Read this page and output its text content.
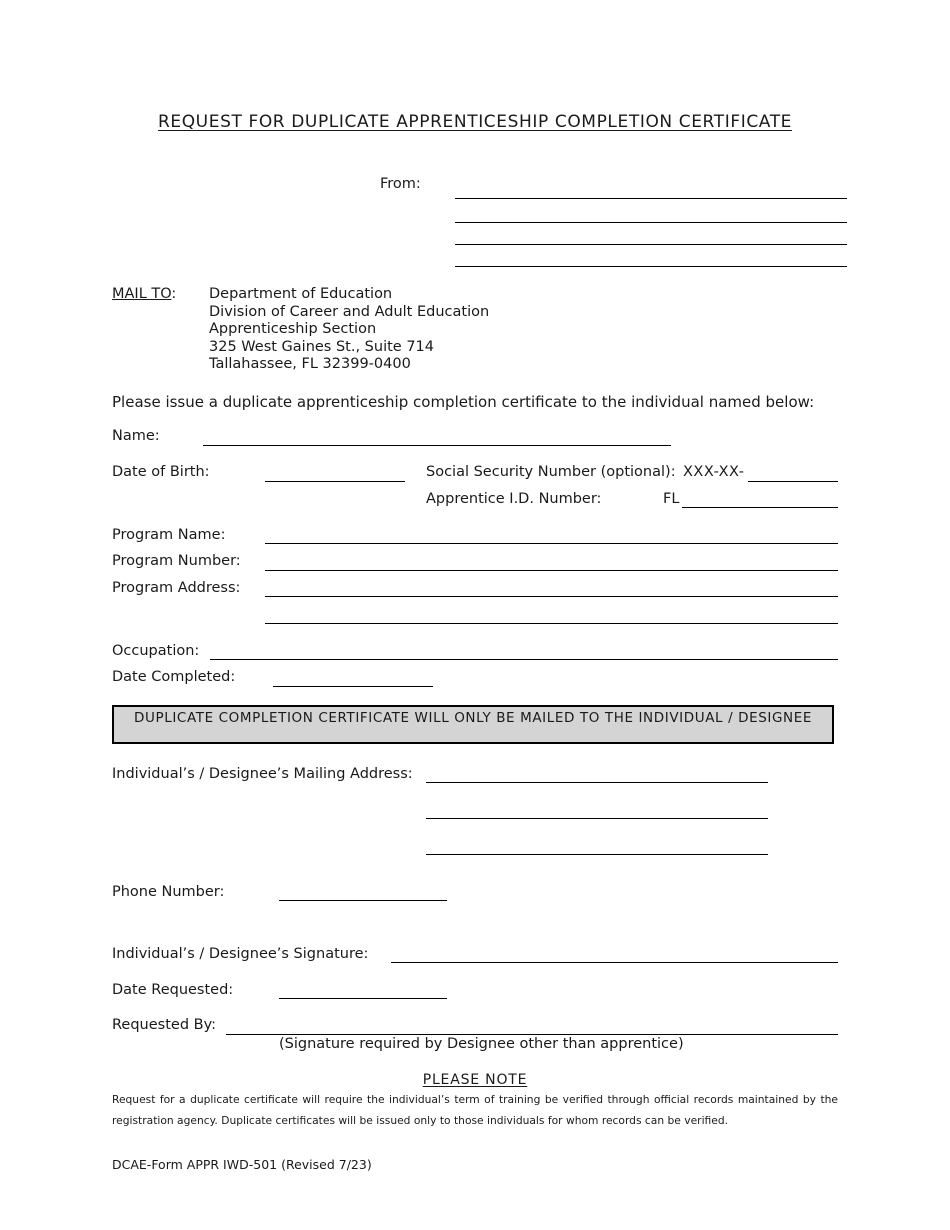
REQUEST FOR DUPLICATE APPRENTICESHIP COMPLETION CERTIFICATE
From:
MAIL TO: Department of Education
Division of Career and Adult Education
Apprenticeship Section
325 West Gaines St., Suite 714
Tallahassee, FL 32399-0400
Please issue a duplicate apprenticeship completion certificate to the individual named below:
Name:
Date of Birth:	Social Security Number (optional): XXX-XX-
Apprentice I.D. Number:	FL
Program Name:
Program Number:
Program Address:
Occupation:
Date Completed:
DUPLICATE COMPLETION CERTIFICATE WILL ONLY BE MAILED TO THE INDIVIDUAL / DESIGNEE
Individual’s / Designee’s Mailing Address:
Phone Number:
Individual’s / Designee’s Signature:
Date Requested:
Requested By:
(Signature required by Designee other than apprentice)
PLEASE NOTE
Request for a duplicate certificate will require the individual’s term of training be verified through official records maintained by the registration agency. Duplicate certificates will be issued only to those individuals for whom records can be verified.
DCAE-Form APPR IWD-501 (Revised 7/23)
